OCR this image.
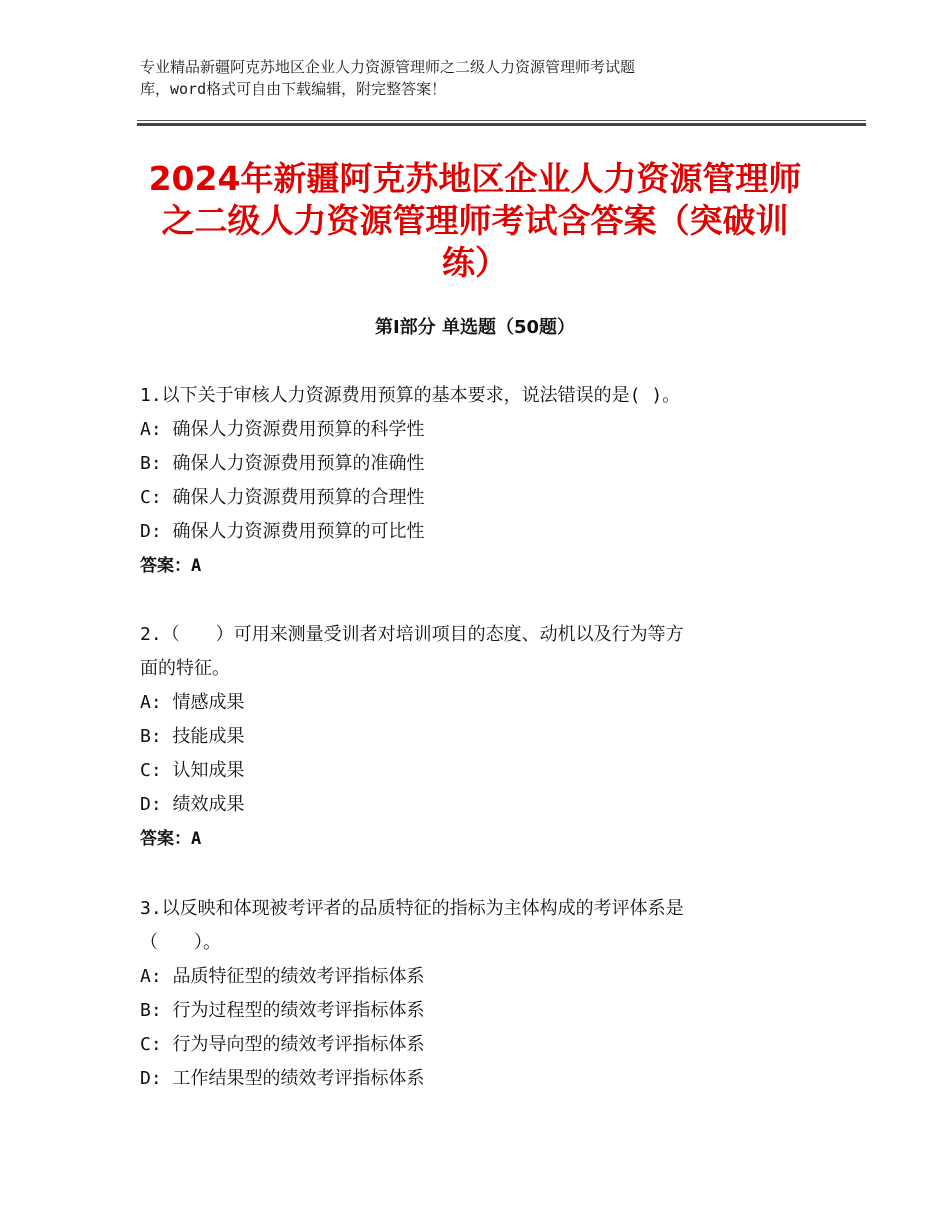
专业精品新疆阿克苏地区企业人力资源管理师之二级人力资源管理师考试题
库，word格式可自由下载编辑，附完整答案！
2024年新疆阿克苏地区企业人力资源管理师
之二级人力资源管理师考试含答案（突破训
练）
第Ⅰ部分 单选题（50题）
1.以下关于审核人力资源费用预算的基本要求，说法错误的是( )。
A: 确保人力资源费用预算的科学性
B: 确保人力资源费用预算的准确性
C: 确保人力资源费用预算的合理性
D: 确保人力资源费用预算的可比性
答案：A
2.（　　）可用来测量受训者对培训项目的态度、动机以及行为等方
面的特征。
A: 情感成果
B: 技能成果
C: 认知成果
D: 绩效成果
答案：A
3.以反映和体现被考评者的品质特征的指标为主体构成的考评体系是
（　　）。
A: 品质特征型的绩效考评指标体系
B: 行为过程型的绩效考评指标体系
C: 行为导向型的绩效考评指标体系
D: 工作结果型的绩效考评指标体系
